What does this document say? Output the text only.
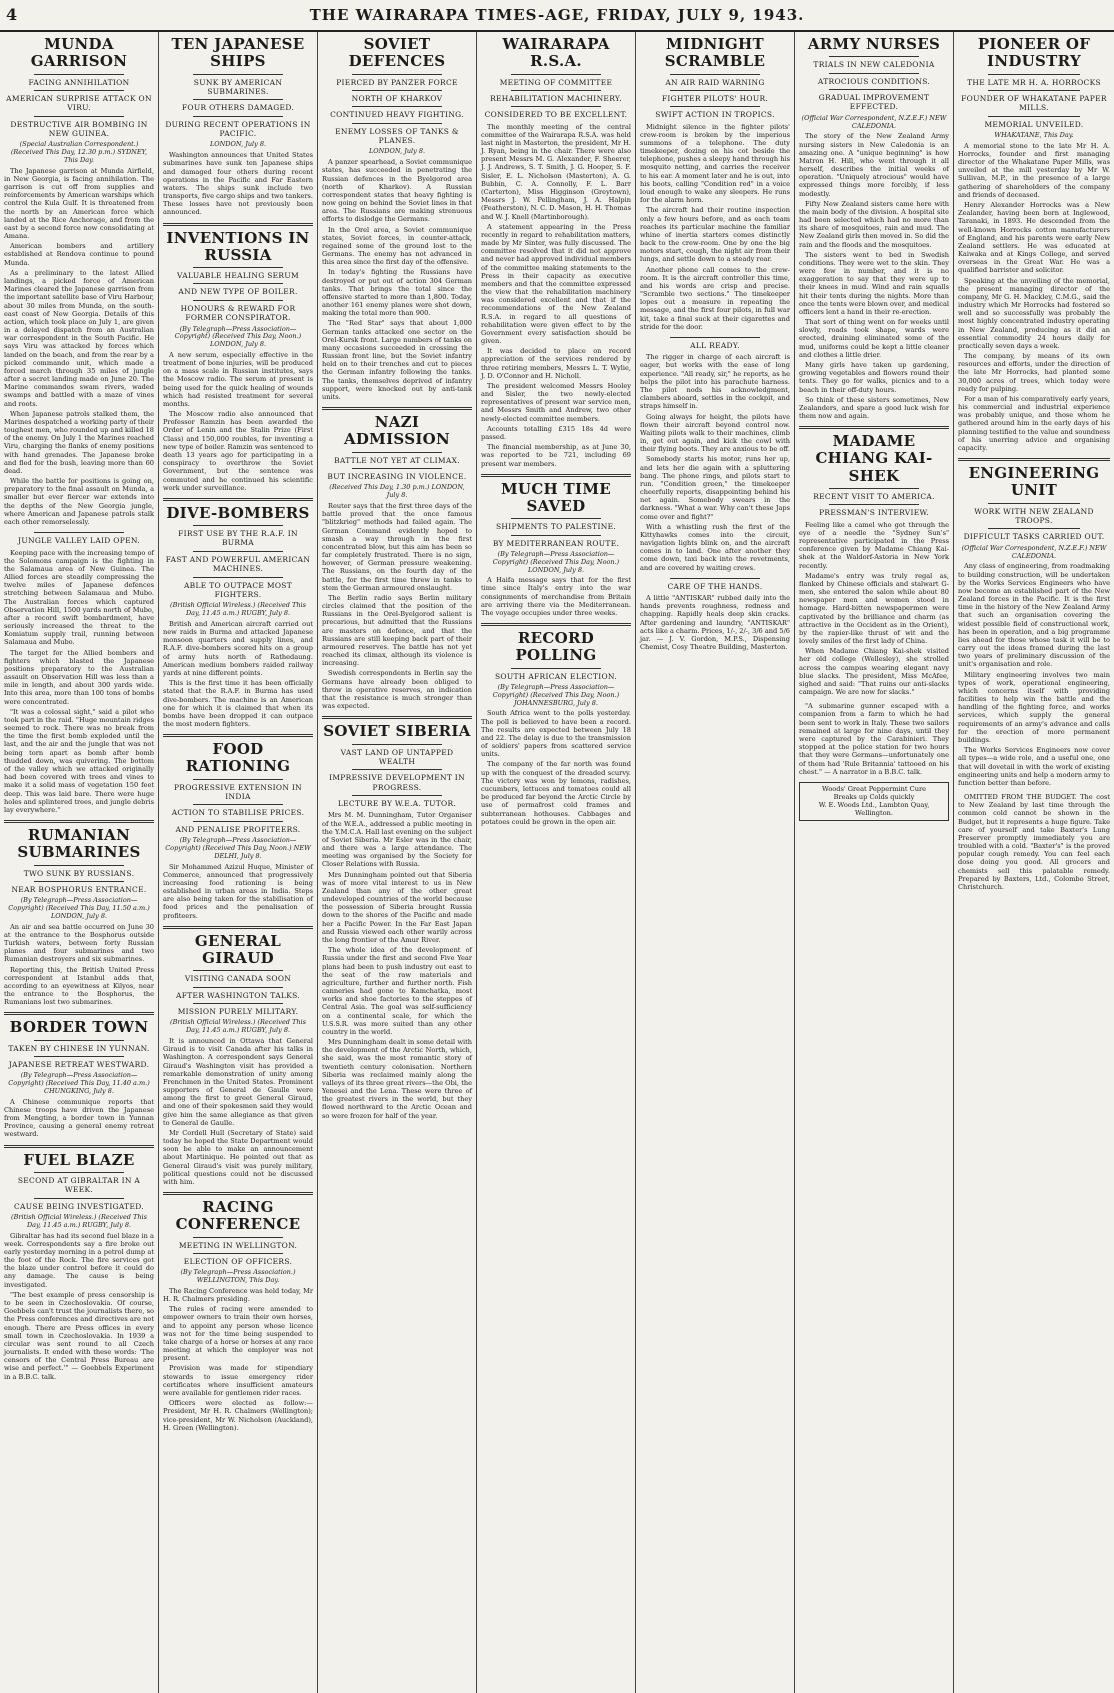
4	THE WAIRARAPA TIMES-AGE, FRIDAY, JULY 9, 1943.
MUNDA GARRISON
FACING ANNIHILATION
AMERICAN SURPRISE ATTACK ON VIRU.
DESTRUCTIVE AIR BOMBING IN NEW GUINEA.
(Special Australian Correspondent.) (Received This Day, 12.30 p.m.) SYDNEY, This Day.

The Japanese garrison at Munda Airfield, in New Georgia, is facing annihilation. The garrison is cut off from supplies and reinforcements by American warships which control the Kula Gulf. It is threatened from the north by an American force which landed at the Rice Anchorage, and from the east by a second force now consolidating at Amana.

American bombers and artillery established at Rendova continue to pound Munda.

As a preliminary to the latest Allied landings, a picked force of American Marines cleared the Japanese garrison from the important satellite base of Viru Harbour, about 30 miles from Munda, on the south-east coast of New Georgia. Details of this action, which took place on July 1, are given in a delayed dispatch from an Australian war correspondent in the South Pacific. He says Viru was attacked by forces which landed on the beach, and from the rear by a picked commando unit, which made a forced march through 35 miles of jungle after a secret landing made on June 20. The Marine commandos swam rivers, waded swamps and battled with a maze of vines and roots.

When Japanese patrols stalked them, the Marines despatched a working party of their toughest men, who rounded up and killed 18 of the enemy. On July 1 the Marines reached Viru, charging the flanks of enemy positions with hand grenades. The Japanese broke and fled for the bush, leaving more than 60 dead.

While the battle for positions is going on, preparatory to the final assault on Munda, a smaller but ever fiercer war extends into the depths of the New Georgia jungle, where American and Japanese patrols stalk each other remorselessly.

JUNGLE VALLEY LAID OPEN.

Keeping pace with the increasing tempo of the Solomons campaign is the fighting in the Salamaua area of New Guinea. The Allied forces are steadily compressing the twelve miles of Japanese defences stretching between Salamaua and Mubo. The Australian forces which captured Observation Hill, 1500 yards north of Mubo, after a record swift bombardment, have seriously increased the threat to the Komiatum supply trail, running between Salamaua and Mubo.

The target for the Allied bombers and fighters which blasted the Japanese positions preparatory to the Australian assault on Observation Hill was less than a mile in length, and about 300 yards wide. Into this area, more than 100 tons of bombs were concentrated.

"It was a colossal sight," said a pilot who took part in the raid. "Huge mountain ridges seemed to rock. There was no break from the time the first bomb exploded until the last, and the air and the jungle that was not being torn apart as bomb after bomb thudded down, was quivering. The bottom of the valley which we attacked originally had been covered with trees and vines to make it a solid mass of vegetation 150 feet deep. This was laid bare. There were huge holes and splintered trees, and jungle debris lay everywhere."

RUMANIAN SUBMARINES
TWO SUNK BY RUSSIANS.
NEAR BOSPHORUS ENTRANCE.
(By Telegraph—Press Association—Copyright) (Received This Day, 11.50 a.m.) LONDON, July 8.

An air and sea battle occurred on June 30 at the entrance to the Bosphorus outside Turkish waters, between forty Russian planes and four submarines and two Rumanian destroyers and six submarines.

Reporting this, the British United Press correspondent at Istanbul adds that, according to an eyewitness at Kilyos, near the entrance to the Bosphorus, the Rumanians lost two submarines.

BORDER TOWN
TAKEN BY CHINESE IN YUNNAN.
JAPANESE RETREAT WESTWARD.
(By Telegraph—Press Association—Copyright) (Received This Day, 11.40 a.m.) CHUNGKING, July 8.

A Chinese communique reports that Chinese troops have driven the Japanese from Mengting, a border town in Yunnan Province, causing a general enemy retreat westward.

FUEL BLAZE
SECOND AT GIBRALTAR IN A WEEK.
CAUSE BEING INVESTIGATED.
(British Official Wireless.) (Received This Day, 11.45 a.m.) RUGBY, July 8.

Gibraltar has had its second fuel blaze in a week. Correspondents say a fire broke out early yesterday morning in a petrol dump at the foot of the Rock. The fire services got the blaze under control before it could do any damage. The cause is being investigated.

"The best example of press censorship is to be seen in Czechoslovakia. Of course, Goebbels can't trust the journalists there, so the Press conferences and directives are not enough. There are Press offices in every small town in Czechoslovakia. In 1939 a circular was sent round to all Czech journalists. It ended with these words: 'The censors of the Central Press Bureau are wise and perfect.'" — Goebbels Experiment in a B.B.C. talk.

TEN JAPANESE SHIPS
SUNK BY AMERICAN SUBMARINES.
FOUR OTHERS DAMAGED.
DURING RECENT OPERATIONS IN PACIFIC.
LONDON, July 8.

Washington announces that United States submarines have sunk ten Japanese ships and damaged four others during recent operations in the Pacific and Far Eastern waters. The ships sunk include two transports, five cargo ships and two tankers. These losses have not previously been announced.

INVENTIONS IN RUSSIA
VALUABLE HEALING SERUM
AND NEW TYPE OF BOILER.
HONOURS & REWARD FOR FORMER CONSPIRATOR.
(By Telegraph—Press Association—Copyright) (Received This Day, Noon.) LONDON, July 8.

A new serum, especially effective in the treatment of bone injuries, will be produced on a mass scale in Russian institutes, says the Moscow radio. The serum at present is being used for the quick healing of wounds which had resisted treatment for several months.

The Moscow radio also announced that Professor Ramzin has been awarded the Order of Lenin and the Stalin Prize (First Class) and 150,000 roubles, for inventing a new type of boiler. Ramzin was sentenced to death 13 years ago for participating in a conspiracy to overthrow the Soviet Government, but the sentence was commuted and he continued his scientific work under surveillance.

DIVE-BOMBERS
FIRST USE BY THE R.A.F. IN BURMA
FAST AND POWERFUL AMERICAN MACHINES.
ABLE TO OUTPACE MOST FIGHTERS.
(British Official Wireless.) (Received This Day, 11.45 a.m.) RUGBY, July 8.

British and American aircraft carried out new raids in Burma and attacked Japanese monsoon quarters and supply lines, and R.A.F. dive-bombers scored hits on a group of army huts north of Rathedaung. American medium bombers raided railway yards at nine different points.

This is the first time it has been officially stated that the R.A.F. in Burma has used dive-bombers. The machine is an American one for which it is claimed that when its bombs have been dropped it can outpace the most modern fighters.

FOOD RATIONING
PROGRESSIVE EXTENSION IN INDIA
ACTION TO STABILISE PRICES.
AND PENALISE PROFITEERS.
(By Telegraph—Press Association—Copyright) (Received This Day, Noon.) NEW DELHI, July 8.

Sir Mohammed Azizul Huque, Minister of Commerce, announced that progressively increasing food rationing is being established in urban areas in India. Steps are also being taken for the stabilisation of food prices and the penalisation of profiteers.

GENERAL GIRAUD
VISITING CANADA SOON
AFTER WASHINGTON TALKS.
MISSION PURELY MILITARY.
(British Official Wireless.) (Received This Day, 11.45 a.m.) RUGBY, July 8.

It is announced in Ottawa that General Giraud is to visit Canada after his talks in Washington. A correspondent says General Giraud's Washington visit has provided a remarkable demonstration of unity among Frenchmen in the United States. Prominent supporters of General de Gaulle were among the first to greet General Giraud, and one of their spokesmen said they would give him the same allegiance as that given to General de Gaulle.

Mr Cordell Hull (Secretary of State) said today he hoped the State Department would soon be able to make an announcement about Martinique. He pointed out that as General Giraud's visit was purely military, political questions could not be discussed with him.

RACING CONFERENCE
MEETING IN WELLINGTON.
ELECTION OF OFFICERS.
(By Telegraph—Press Association.) WELLINGTON, This Day.

The Racing Conference was held today, Mr H. R. Chalmers presiding.

The rules of racing were amended to empower owners to train their own horses, and to appoint any person whose licence was not for the time being suspended to take charge of a horse or horses at any race meeting at which the employer was not present.

Provision was made for stipendiary stewards to issue emergency rider certificates where insufficient amateurs were available for gentlemen rider races.

Officers were elected as follow:— President, Mr H. R. Chalmers (Wellington); vice-president, Mr W. Nicholson (Auckland), H. Green (Wellington).

SOVIET DEFENCES
PIERCED BY PANZER FORCE
NORTH OF KHARKOV
CONTINUED HEAVY FIGHTING.
ENEMY LOSSES OF TANKS & PLANES.
LONDON, July 8.

A panzer spearhead, a Soviet communique states, has succeeded in penetrating the Russian defences in the Byelgorod area (north of Kharkov). A Russian correspondent states that heavy fighting is now going on behind the Soviet lines in that area. The Russians are making strenuous efforts to dislodge the Germans.

In the Orel area, a Soviet communique states, Soviet forces, in counter-attack, regained some of the ground lost to the Germans. The enemy has not advanced in this area since the first day of the offensive.

In today's fighting the Russians have destroyed or put out of action 304 German tanks. That brings the total since the offensive started to more than 1,800. Today, another 161 enemy planes were shot down, making the total more than 900.

The "Red Star" says that about 1,000 German tanks attacked one sector on the Orel-Kursk front. Large numbers of tanks on many occasions succeeded in crossing the Russian front line, but the Soviet infantry held on to their trenches and cut to pieces the German infantry following the tanks. The tanks, themselves deprived of infantry support, were knocked out by anti-tank units.

NAZI ADMISSION
BATTLE NOT YET AT CLIMAX.
BUT INCREASING IN VIOLENCE.
(Received This Day, 1.30 p.m.) LONDON, July 8.

Reuter says that the first three days of the battle proved that the once famous "blitzkrieg" methods had failed again. The German Command evidently hoped to smash a way through in the first concentrated blow, but this aim has been so far completely frustrated. There is no sign, however, of German pressure weakening. The Russians, on the fourth day of the battle, for the first time threw in tanks to stem the German armoured onslaught.

The Berlin radio says Berlin military circles claimed that the position of the Russians in the Orel-Byelgorod salient is precarious, but admitted that the Russians are masters on defence, and that the Russians are still keeping back part of their armoured reserves. The battle has not yet reached its climax, although its violence is increasing.

Swedish correspondents in Berlin say the Germans have already been obliged to throw in operative reserves, an indication that the resistance is much stronger than was expected.

SOVIET SIBERIA
VAST LAND OF UNTAPPED WEALTH
IMPRESSIVE DEVELOPMENT IN PROGRESS.
LECTURE BY W.E.A. TUTOR.

Mrs M. M. Dunningham, Tutor Organiser of the W.E.A., addressed a public meeting in the Y.M.C.A. Hall last evening on the subject of Soviet Siberia. Mr Esler was in the chair, and there was a large attendance. The meeting was organised by the Society for Closer Relations with Russia.

Mrs Dunningham pointed out that Siberia was of more vital interest to us in New Zealand than any of the other great undeveloped countries of the world because the possession of Siberia brought Russia down to the shores of the Pacific and made her a Pacific Power. In the Far East Japan and Russia viewed each other warily across the long frontier of the Amur River.

The whole idea of the development of Russia under the first and second Five Year plans had been to push industry out east to the seat of the raw materials and agriculture, further and further north. Fish canneries had gone to Kamchatka, most works and shoe factories to the steppes of Central Asia. The goal was self-sufficiency on a continental scale, for which the U.S.S.R. was more suited than any other country in the world.

Mrs Dunningham dealt in some detail with the development of the Arctic North, which, she said, was the most romantic story of twentieth century colonisation. Northern Siberia was reclaimed mainly along the valleys of its three great rivers—the Obi, the Yenesei and the Lena. These were three of the greatest rivers in the world, but they flowed northward to the Arctic Ocean and so were frozen for half of the year.

WAIRARAPA R.S.A.
MEETING OF COMMITTEE
REHABILITATION MACHINERY.
CONSIDERED TO BE EXCELLENT.

The monthly meeting of the central committee of the Wairarapa R.S.A. was held last night in Masterton, the president, Mr H. J. Ryan, being in the chair. There were also present Messrs M. G. Alexander, F. Sheerer, J. J. Andrews, S. T. Smith, J. G. Hooper, S. F. Sisler, E. L. Nicholson (Masterton), A. G. Bubbin, C. A. Connolly, F. L. Barr (Carterton), Miss Higginson (Greytown), Messrs J. W. Pellingham, J. A. Halpin (Featherston), N. C. D. Mason, H. H. Thomas and W. J. Knell (Martinborough).

A statement appearing in the Press recently in regard to rehabilitation matters, made by Mr Sinter, was fully discussed. The committee resolved that it did not approve and never had approved individual members of the committee making statements to the Press in their capacity as executive members and that the committee expressed the view that the rehabilitation machinery was considered excellent and that if the recommendations of the New Zealand R.S.A. in regard to all questions of rehabilitation were given effect to by the Government every satisfaction should be given.

It was decided to place on record appreciation of the services rendered by three retiring members, Messrs L. T. Wylie, J. D. O'Connor and H. Nicholl.

The president welcomed Messrs Hooley and Sisler, the two newly-elected representatives of present war service men, and Messrs Smith and Andrew, two other newly-elected committee members.

Accounts totalling £315 18s 4d were passed.

The financial membership, as at June 30, was reported to be 721, including 69 present war members.

MUCH TIME SAVED
SHIPMENTS TO PALESTINE.
BY MEDITERRANEAN ROUTE.
(By Telegraph—Press Association—Copyright) (Received This Day, Noon.) LONDON, July 8.

A Haifa message says that for the first time since Italy's entry into the war consignments of merchandise from Britain are arriving there via the Mediterranean. The voyage occupies under three weeks.

RECORD POLLING
SOUTH AFRICAN ELECTION.
(By Telegraph—Press Association—Copyright) (Received This Day, Noon.) JOHANNESBURG, July 8.

South Africa went to the polls yesterday. The poll is believed to have been a record. The results are expected between July 18 and 22. The delay is due to the transmission of soldiers' papers from scattered service units.

The company of the far north was found up with the conquest of the dreaded scurvy. The victory was won by lemons, radishes, cucumbers, lettuces and tomatoes could all be produced far beyond the Arctic Circle by use of permafrost cold frames and subterranean hothouses. Cabbages and potatoes could be grown in the open air.

MIDNIGHT SCRAMBLE
AN AIR RAID WARNING
FIGHTER PILOTS' HOUR.
SWIFT ACTION IN TROPICS.

Midnight silence in the fighter pilots' crew-room is broken by the imperious summons of a telephone. The duty timekeeper, dozing on his cot beside the telephone, pushes a sleepy hand through his mosquito netting, and carries the receiver to his ear. A moment later and he is out, into his boots, calling "Condition red" in a voice loud enough to wake any sleepers. He runs for the alarm horn.

The aircraft had their routine inspection only a few hours before, and as each team reaches its particular machine the familiar whine of inertia starters comes distinctly back to the crew-room. One by one the big motors start, cough, the night air from their lungs, and settle down to a steady roar.

Another phone call comes to the crew-room. It is the aircraft controller this time, and his words are crisp and precise. "Scramble two sections." The timekeeper lopes out a measure in repeating the message, and the first four pilots, in full war kit, take a final suck at their cigarettes and stride for the door.

ALL READY.

The rigger in charge of each aircraft is eager, but works with the ease of long experience. "All ready, sir," he reports, as he helps the pilot into his parachute harness. The pilot nods his acknowledgment, clambers aboard, settles in the cockpit, and straps himself in.

Going always for height, the pilots have flown their aircraft beyond control now. Waiting pilots walk to their machines, climb in, get out again, and kick the cowl with their flying boots. They are anxious to be off.

Somebody starts his motor, runs her up, and lets her die again with a spluttering bang. The phone rings, and pilots start to run. "Condition green," the timekeeper cheerfully reports, disappointing behind his net again. Somebody swears in the darkness. "What a war. Why can't these Japs come over and fight?"

With a whistling rush the first of the Kittyhawks comes into the circuit, navigation lights blink on, and the aircraft comes in to land. One after another they come down, taxi back into the revetments, and are covered by waiting crews.

CARE OF THE HANDS.

A little "ANTISKAR" rubbed daily into the hands prevents roughness, redness and chapping. Rapidly heals deep skin cracks. After gardening and laundry, "ANTISKAR" acts like a charm. Prices, 1/-, 2/-, 3/6 and 5/6 jar. — J. V. Gordon, M.P.S., Dispensing Chemist, Cosy Theatre Building, Masterton.

ARMY NURSES
TRIALS IN NEW CALEDONIA
ATROCIOUS CONDITIONS.
GRADUAL IMPROVEMENT EFFECTED.
(Official War Correspondent, N.Z.E.F.) NEW CALEDONIA.

The story of the New Zealand Army nursing sisters in New Caledonia is an amazing one. A "unique beginning" is how Matron H. Hill, who went through it all herself, describes the initial weeks of operation. "Uniquely atrocious" would have expressed things more forcibly, if less modestly.

Fifty New Zealand sisters came here with the main body of the division. A hospital site had been selected which had no more than its share of mosquitoes, rain and mud. The New Zealand girls then moved in. So did the rain and the floods and the mosquitoes.

The sisters went to bed in Swedish conditions. They were wet to the skin. They were few in number, and it is no exaggeration to say that they were up to their knees in mud. Wind and rain squalls hit their tents during the nights. More than once the tents were blown over, and medical officers lent a hand in their re-erection.

That sort of thing went on for weeks until slowly, roads took shape, wards were erected, draining eliminated some of the mud, uniforms could be kept a little cleaner and clothes a little drier.

Many girls have taken up gardening, growing vegetables and flowers round their tents. They go for walks, picnics and to a beach in their off-duty hours.

So think of these sisters sometimes, New Zealanders, and spare a good luck wish for them now and again.

MADAME CHIANG KAI-SHEK
RECENT VISIT TO AMERICA.
PRESSMAN'S INTERVIEW.

Feeling like a camel who got through the eye of a needle the "Sydney Sun's" representative participated in the Press conference given by Madame Chiang Kai-shek at the Waldorf-Astoria in New York recently.

Madame's entry was truly regal as, flanked by Chinese officials and stalwart G-men, she entered the salon while about 80 newspaper men and women stood in homage. Hard-bitten newspapermen were captivated by the brilliance and charm (as attractive in the Occident as in the Orient), by the rapier-like thrust of wit and the lovely smiles of the first lady of China.

When Madame Chiang Kai-shek visited her old college (Wellesley), she strolled across the campus wearing elegant navy blue slacks. The president, Miss McAfee, sighed and said: "That ruins our anti-slacks campaign. We are now for slacks."

"A submarine gunner escaped with a companion from a farm to which he had been sent to work in Italy. These two sailors remained at large for nine days, until they were captured by the Carabinieri. They stopped at the police station for two hours that they were Germans—unfortunately one of them had 'Rule Britannia' tattooed on his chest." — A narrator in a B.B.C. talk.

Woods' Great Peppermint Cure
Breaks up Colds quickly
W. E. Woods Ltd., Lambton Quay, Wellington.
PIONEER OF INDUSTRY
THE LATE MR H. A. HORROCKS
FOUNDER OF WHAKATANE PAPER MILLS.
MEMORIAL UNVEILED.
WHAKATANE, This Day.

A memorial stone to the late Mr H. A. Horrocks, founder and first managing director of the Whakatane Paper Mills, was unveiled at the mill yesterday by Mr W. Sullivan, M.P., in the presence of a large gathering of shareholders of the company and friends of deceased.

Henry Alexander Horrocks was a New Zealander, having been born at Inglewood, Taranaki, in 1893. He descended from the well-known Horrocks cotton manufacturers of England, and his parents were early New Zealand settlers. He was educated at Kaiwaka and at Kings College, and served overseas in the Great War. He was a qualified barrister and solicitor.

Speaking at the unveiling of the memorial, the present managing director of the company, Mr G. H. Mackley, C.M.G., said the industry which Mr Horrocks had fostered so well and so successfully was probably the most highly concentrated industry operating in New Zealand, producing as it did an essential commodity 24 hours daily for practically seven days a week.

The company, by means of its own resources and efforts, under the direction of the late Mr Horrocks, had planted some 30,000 acres of trees, which today were ready for pulping.

For a man of his comparatively early years, his commercial and industrial experience was probably unique, and those whom he gathered around him in the early days of his planning testified to the value and soundness of his unerring advice and organising capacity.

ENGINEERING UNIT
WORK WITH NEW ZEALAND TROOPS.
DIFFICULT TASKS CARRIED OUT.
(Official War Correspondent, N.Z.E.F.) NEW CALEDONIA.

Any class of engineering, from roadmaking to building construction, will be undertaken by the Works Services Engineers who have now become an established part of the New Zealand forces in the Pacific. It is the first time in the history of the New Zealand Army that such an organisation covering the widest possible field of constructional work, has been in operation, and a big programme lies ahead for those whose task it will be to carry out the ideas framed during the last two years of preliminary discussion of the unit's organisation and role.

Military engineering involves two main types of work, operational engineering, which concerns itself with providing facilities to help win the battle and the handling of the fighting force, and works services, which supply the general requirements of an army's advance and calls for the erection of more permanent buildings.

The Works Services Engineers now cover all types—a wide role, and a useful one, one that will dovetail in with the work of existing engineering units and help a modern army to function better than before.

OMITTED FROM THE BUDGET. The cost to New Zealand by last time through the common cold cannot be shown in the Budget, but it represents a huge figure. Take care of yourself and take Baxter's Lung Preserver promptly immediately you are troubled with a cold. "Baxter's" is the proved popular cough remedy. You can feel each dose doing you good. All grocers and chemists sell this palatable remedy. Prepared by Baxters, Ltd., Colombo Street, Christchurch.
